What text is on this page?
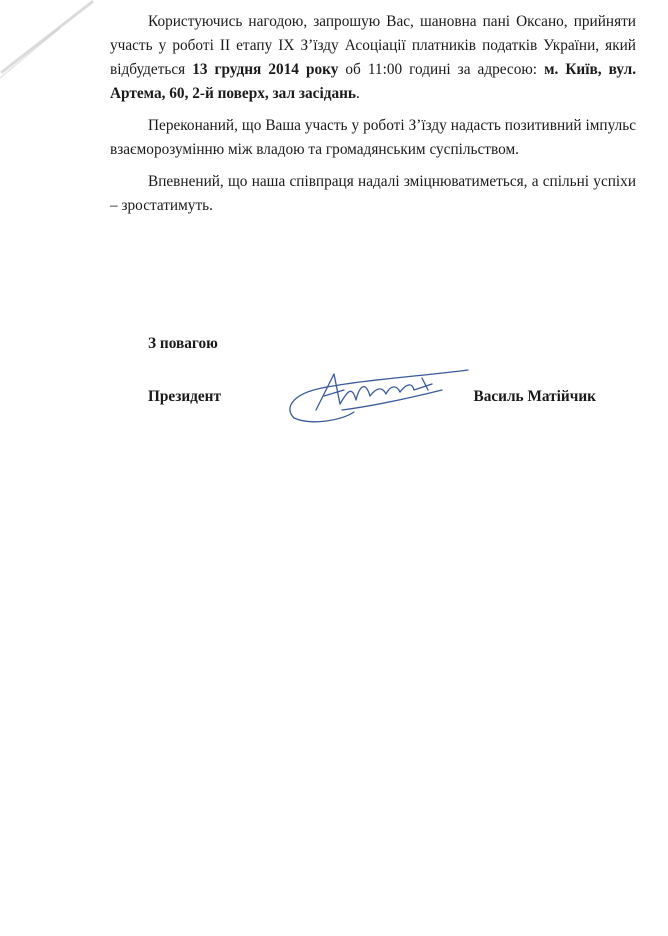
Користуючись нагодою, запрошую Вас, шановна пані Оксано, прийняти участь у роботі ІІ етапу ІХ З’їзду Асоціації платників податків України, який відбудеться 13 грудня 2014 року об 11:00 годині за адресою: м. Київ, вул. Артема, 60, 2-й поверх, зал засідань.

Переконаний, що Ваша участь у роботі З’їзду надасть позитивний імпульс взаєморозумінню між владою та громадянським суспільством.

Впевнений, що наша співпраця надалі зміцнюватиметься, а спільні успіхи – зростатимуть.

З повагою

Президент	Василь Матійчик
